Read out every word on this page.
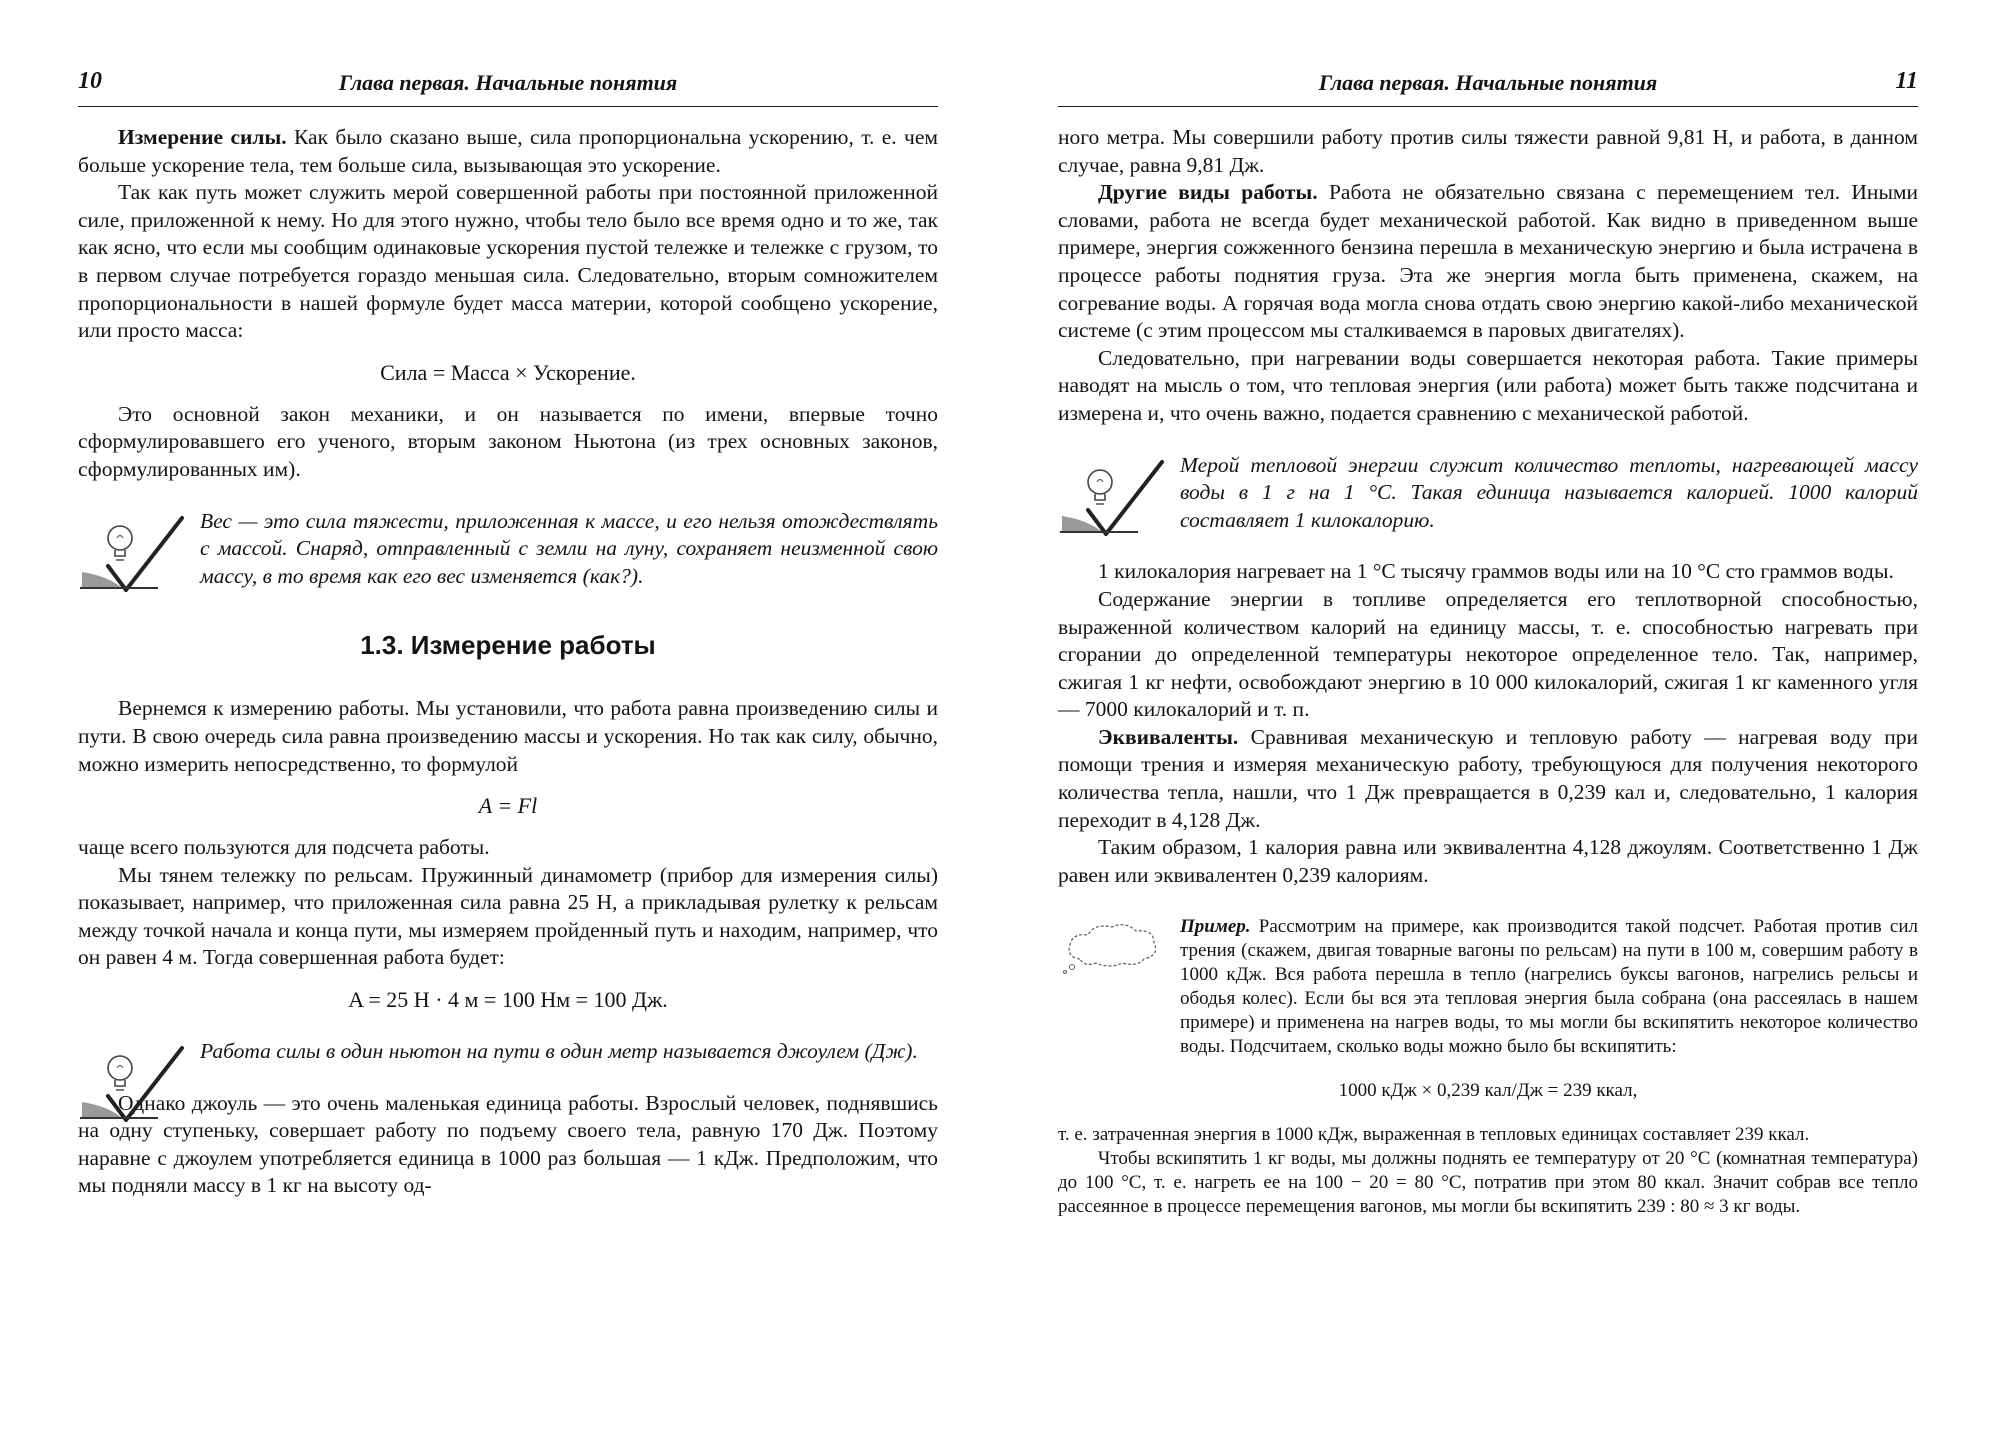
10	Глава первая. Начальные понятия

Измерение силы. Как было сказано выше, сила пропорциональна ускорению, т. е. чем больше ускорение тела, тем больше сила, вызывающая это ускорение.

Так как путь может служить мерой совершенной работы при постоянной приложенной силе, приложенной к нему. Но для этого нужно, чтобы тело было все время одно и то же, так как ясно, что если мы сообщим одинаковые ускорения пустой тележке и тележке с грузом, то в первом случае потребуется гораздо меньшая сила. Следовательно, вторым сомножителем пропорциональности в нашей формуле будет масса материи, которой сообщено ускорение, или просто масса:

Сила = Масса × Ускорение.

Это основной закон механики, и он называется по имени, впервые точно сформулировавшего его ученого, вторым законом Ньютона (из трех основных законов, сформулированных им).

Вес — это сила тяжести, приложенная к массе, и его нельзя отождествлять с массой. Снаряд, отправленный с земли на луну, сохраняет неизменной свою массу, в то время как его вес изменяется (как?).
1.3. Измерение работы

Вернемся к измерению работы. Мы установили, что работа равна произведению силы и пути. В свою очередь сила равна произведению массы и ускорения. Но так как силу, обычно, можно измерить непосредственно, то формулой

A = Fl

чаще всего пользуются для подсчета работы.

Мы тянем тележку по рельсам. Пружинный динамометр (прибор для измерения силы) показывает, например, что приложенная сила равна 25 Н, а прикладывая рулетку к рельсам между точкой начала и конца пути, мы измеряем пройденный путь и находим, например, что он равен 4 м. Тогда совершенная работа будет:

A = 25 Н · 4 м = 100 Нм = 100 Дж.
Работа силы в один ньютон на пути в один метр называется джоулем (Дж).

Однако джоуль — это очень маленькая единица работы. Взрослый человек, поднявшись на одну ступеньку, совершает работу по подъему своего тела, равную 170 Дж. Поэтому наравне с джоулем употребляется единица в 1000 раз большая — 1 кДж. Предположим, что мы подняли массу в 1 кг на высоту од-

Глава первая. Начальные понятия	11

ного метра. Мы совершили работу против силы тяжести равной 9,81 Н, и работа, в данном случае, равна 9,81 Дж.

Другие виды работы. Работа не обязательно связана с перемещением тел. Иными словами, работа не всегда будет механической работой. Как видно в приведенном выше примере, энергия сожженного бензина перешла в механическую энергию и была истрачена в процессе работы поднятия груза. Эта же энергия могла быть применена, скажем, на согревание воды. А горячая вода могла снова отдать свою энергию какой-либо механической системе (с этим процессом мы сталкиваемся в паровых двигателях).

Следовательно, при нагревании воды совершается некоторая работа. Такие примеры наводят на мысль о том, что тепловая энергия (или работа) может быть также подсчитана и измерена и, что очень важно, подается сравнению с механической работой.

Мерой тепловой энергии служит количество теплоты, нагревающей массу воды в 1 г на 1 °С. Такая единица называется калорией. 1000 калорий составляет 1 килокалорию.

1 килокалория нагревает на 1 °С тысячу граммов воды или на 10 °С сто граммов воды.

Содержание энергии в топливе определяется его теплотворной способностью, выраженной количеством калорий на единицу массы, т. е. способностью нагревать при сгорании до определенной температуры некоторое определенное тело. Так, например, сжигая 1 кг нефти, освобождают энергию в 10 000 килокалорий, сжигая 1 кг каменного угля — 7000 килокалорий и т. п.

Эквиваленты. Сравнивая механическую и тепловую работу — нагревая воду при помощи трения и измеряя механическую работу, требующуюся для получения некоторого количества тепла, нашли, что 1 Дж превращается в 0,239 кал и, следовательно, 1 калория переходит в 4,128 Дж.

Таким образом, 1 калория равна или эквивалентна 4,128 джоулям. Соответственно 1 Дж равен или эквивалентен 0,239 калориям.

Пример. Рассмотрим на примере, как производится такой подсчет. Работая против сил трения (скажем, двигая товарные вагоны по рельсам) на пути в 100 м, совершим работу в 1000 кДж. Вся работа перешла в тепло (нагрелись буксы вагонов, нагрелись рельсы и ободья колес). Если бы вся эта тепловая энергия была собрана (она рассеялась в нашем примере) и применена на нагрев воды, то мы могли бы вскипятить некоторое количество воды. Подсчитаем, сколько воды можно было бы вскипятить:

1000 кДж × 0,239 кал/Дж = 239 ккал,

т. е. затраченная энергия в 1000 кДж, выраженная в тепловых единицах составляет 239 ккал.

Чтобы вскипятить 1 кг воды, мы должны поднять ее температуру от 20 °С (комнатная температура) до 100 °С, т. е. нагреть ее на 100 − 20 = 80 °С, потратив при этом 80 ккал. Значит собрав все тепло рассеянное в процессе перемещения вагонов, мы могли бы вскипятить 239 : 80 ≈ 3 кг воды.
